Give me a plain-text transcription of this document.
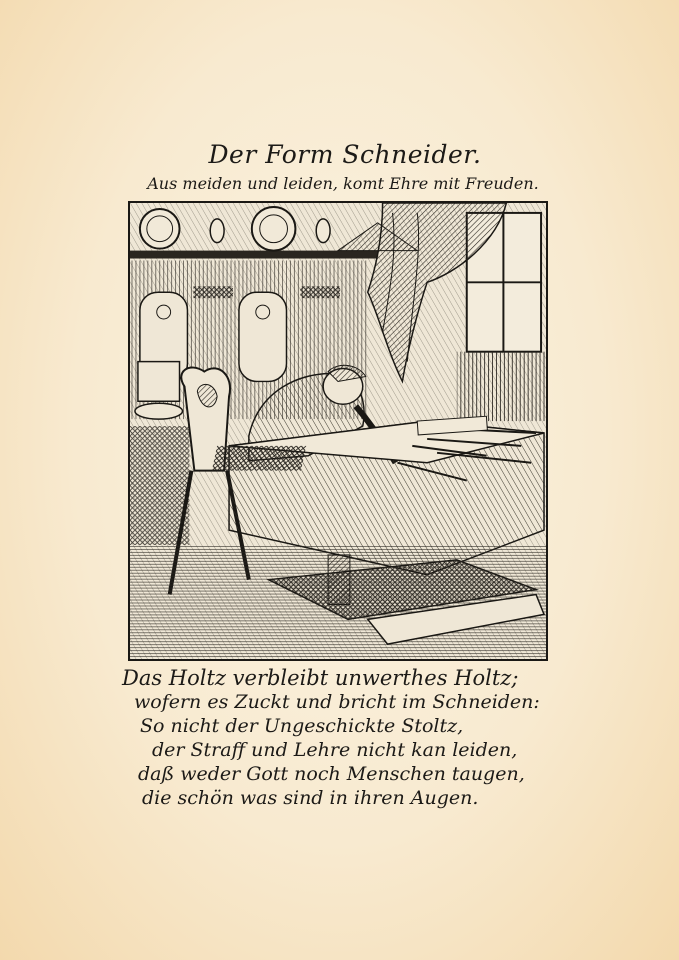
Der Form Schneider.
Aus meiden und leiden, komt Ehre mit Freuden.
Das Holtz verbleibt unwerthes Holtz;
wofern es Zuckt und bricht im Schneiden:
So nicht der Ungeschickte Stoltz,
der Straff und Lehre nicht kan leiden,
daß weder Gott noch Menschen taugen,
die schön was sind in ihren Augen.
